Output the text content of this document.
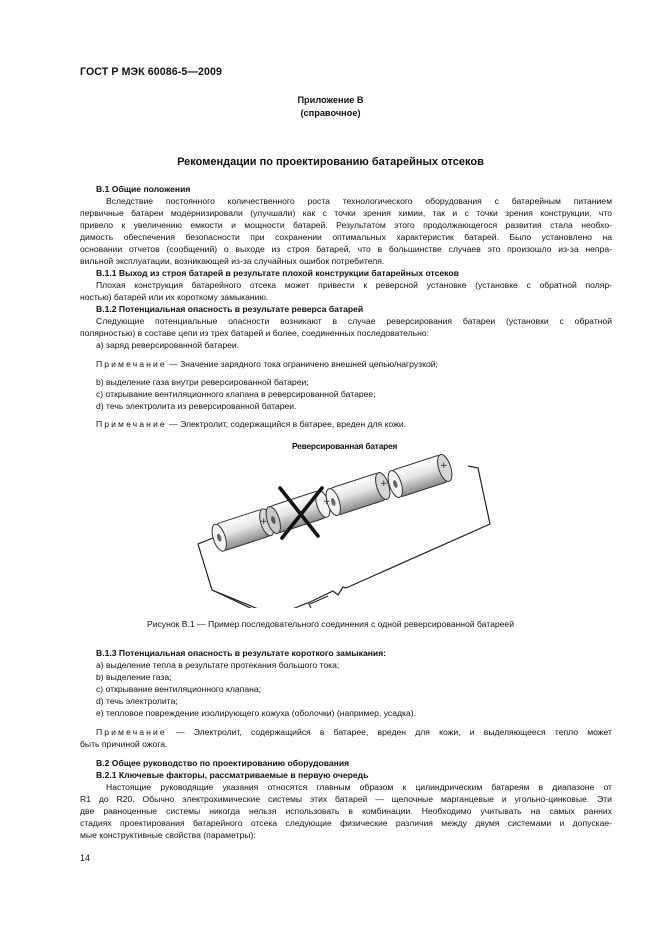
ГОСТ Р МЭК 60086-5—2009
Приложение В
(справочное)
Рекомендации по проектированию батарейных отсеков
В.1 Общие положения
Вследствие постоянного количественного роста технологического оборудования с батарейным питанием
первичные батареи модернизировали (улучшали) как с точки зрения химии, так и с точки зрения конструкции, что
привело к увеличению емкости и мощности батарей. Результатом этого продолжающегося развития стала необхо-
димость обеспечения безопасности при сохранении оптимальных характеристик батарей. Было установлено на
основании отчетов (сообщений) о выходе из строя батарей, что в большинстве случаев это произошло из-за непра-
вильной эксплуатации, возникающей из-за случайных ошибок потребителя.
В.1.1 Выход из строя батарей в результате плохой конструкции батарейных отсеков
Плохая конструкция батарейного отсека может привести к реверсной установке (установке с обратной поляр-
ностью) батарей или их короткому замыканию.
В.1.2 Потенциальная опасность в результате реверса батарей
Следующие потенциальные опасности возникают в случае реверсирования батареи (установки с обратной
полярностью) в составе цепи из трех батарей и более, соединенных последовательно:
а) заряд реверсированной батареи.
Примечание — Значение зарядного тока ограничено внешней цепью/нагрузкой;
b) выделение газа внутри реверсированной батареи;
c) открывание вентиляционного клапана в реверсированной батарее;
d) течь электролита из реверсированной батареи.
Примечание — Электролит, содержащийся в батарее, вреден для кожи.
+
+
+
+
Реверсированная батарея
Рисунок В.1 — Пример последовательного соединения с одной реверсированной батареей
В.1.3 Потенциальная опасность в результате короткого замыкания:
а) выделение тепла в результате протекания большого тока;
b) выделение газа;
c) открывание вентиляционного клапана;
d) течь электролита;
е) тепловое повреждение изолирующего кожуха (оболочки) (например, усадка).
Примечание — Электролит, содержащийся в батарее, вреден для кожи, и выделяющееся тепло может
быть причиной ожога.
В.2 Общее руководство по проектированию оборудования
В.2.1 Ключевые факторы, рассматриваемые в первую очередь
Настоящие руководящие указания относятся главным образом к цилиндрическим батареям в диапазоне от
R1 до R20. Обычно электрохимические системы этих батарей — щелочные марганцевые и угольно-цинковые. Эти
две равноценные системы никогда нельзя использовать в комбинации. Необходимо учитывать на самых ранних
стадиях проектирования батарейного отсека следующие физические различия между двумя системами и допускае-
мые конструктивные свойства (параметры):
14
